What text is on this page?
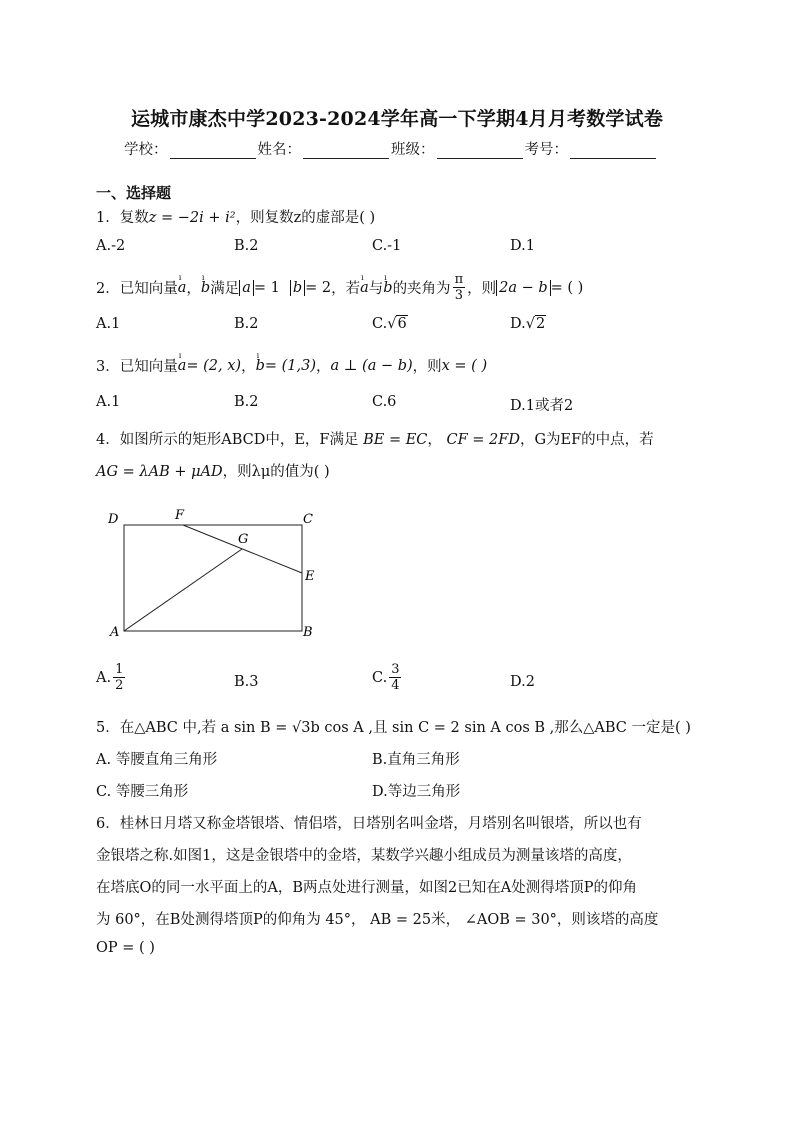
运城市康杰中学2023-2024学年高一下学期4月月考数学试卷
学校：	姓名：	班级：	考号：
一、选择题
1．复数z = −2i + i²，则复数z的虚部是( )
A.-2	B.2	C.-1	D.1
2．已知向量
ı
a ，
ı
b 满足 a = 1 b = 2 ，若
ı
a 与
ı
b 的夹角为 $\frac{\pi}{3}$ ，则 2a − b = ( )
A.1	B.2	C.√6	D.√2
3．已知向量
ı
a = (2, x) ，
ı
b = (1,3) ， a ⊥ (a − b) ，则 x = ( )
A.1	B.2	C.6	D.1或者2
4．如图所示的矩形ABCD中，E，F满足 BE = EC， CF = 2FD，G为EF的中点，若
AG = λAB + μAD，则λμ的值为( )
D	F	C
G
E
A	B
A. $\frac{1}{2}$	B.3	C. $\frac{3}{4}$	D.2
5．在△ABC 中,若 a sin B = √3b cos A ,且 sin C = 2 sin A cos B ,那么△ABC 一定是( )
A. 等腰直角三角形	B.直角三角形
C. 等腰三角形	D.等边三角形
6．桂林日月塔又称金塔银塔、情侣塔，日塔别名叫金塔，月塔别名叫银塔，所以也有
金银塔之称.如图1，这是金银塔中的金塔，某数学兴趣小组成员为测量该塔的高度，
在塔底O的同一水平面上的A，B两点处进行测量，如图2已知在A处测得塔顶P的仰角
为 60°，在B处测得塔顶P的仰角为 45°， AB = 25米， ∠AOB = 30°，则该塔的高度
OP = ( )
